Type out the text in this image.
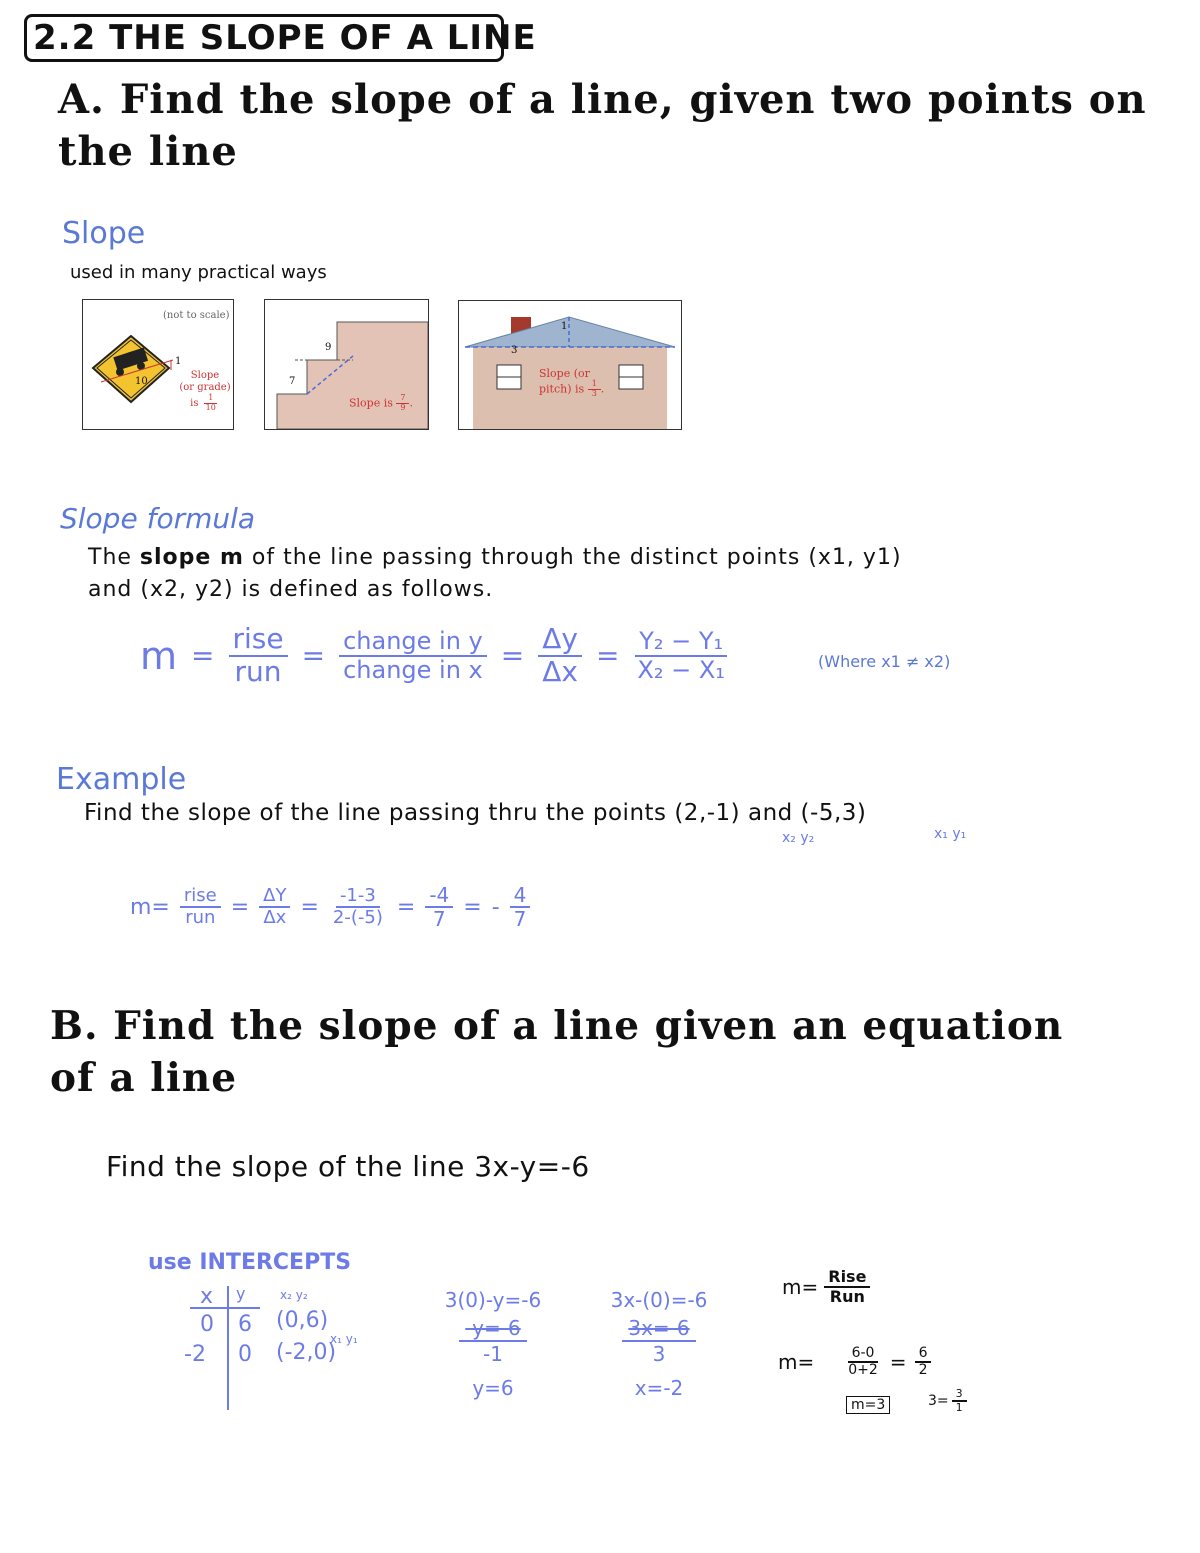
2.2 THE SLOPE OF A LINE
A. Find the slope of a line, given two points on
the line
Slope
used in many practical ways
(not to scale)
10
1
Slope
(or grade)
is $\frac{1}{10}$
9
7
Slope is $\frac{7}{9}$ .
3
1
Slope (or
pitch) is $\frac{1}{3}$ .
Slope formula
The slope m of the line passing through the distinct points (x1, y1)
and (x2, y2) is defined as follows.
$m = \frac{\text{rise}}{\text{run}} = \frac{\text{change in y}}{\text{change in x}} = \frac{\Delta y}{\Delta x} = \frac{\text{Y₂ − Y₁}}{\text{X₂ − X₁}}$	(Where x1 ≠ x2)
Example
Find the slope of the line passing thru the points (2,-1) and (-5,3)
x₂ y₂	x₁ y₁
$m= \frac{\text{rise}}{\text{run}} = \frac{\Delta Y}{\Delta x} = \frac{-1-3}{2-(-5)} = \frac{-4}{7}$ = - $\frac{4}{7}$
B. Find the slope of a line given an equation
of a line
Find the slope of the line 3x-y=-6
use INTERCEPTS
x y
0 6
-2 0
x₂ y₂
(0,6)
(-2,0)
x₁ y₁
3(0)-y=-6
-y=-6
-1
y=6
3x-(0)=-6
3x=-6
3
x=-2
$m= \frac{\text{Rise}}{\text{Run}}$
$m= \frac{6-0}{0+2} = \frac{6}{2}$
m=3	$3= \frac{3}{1}$
